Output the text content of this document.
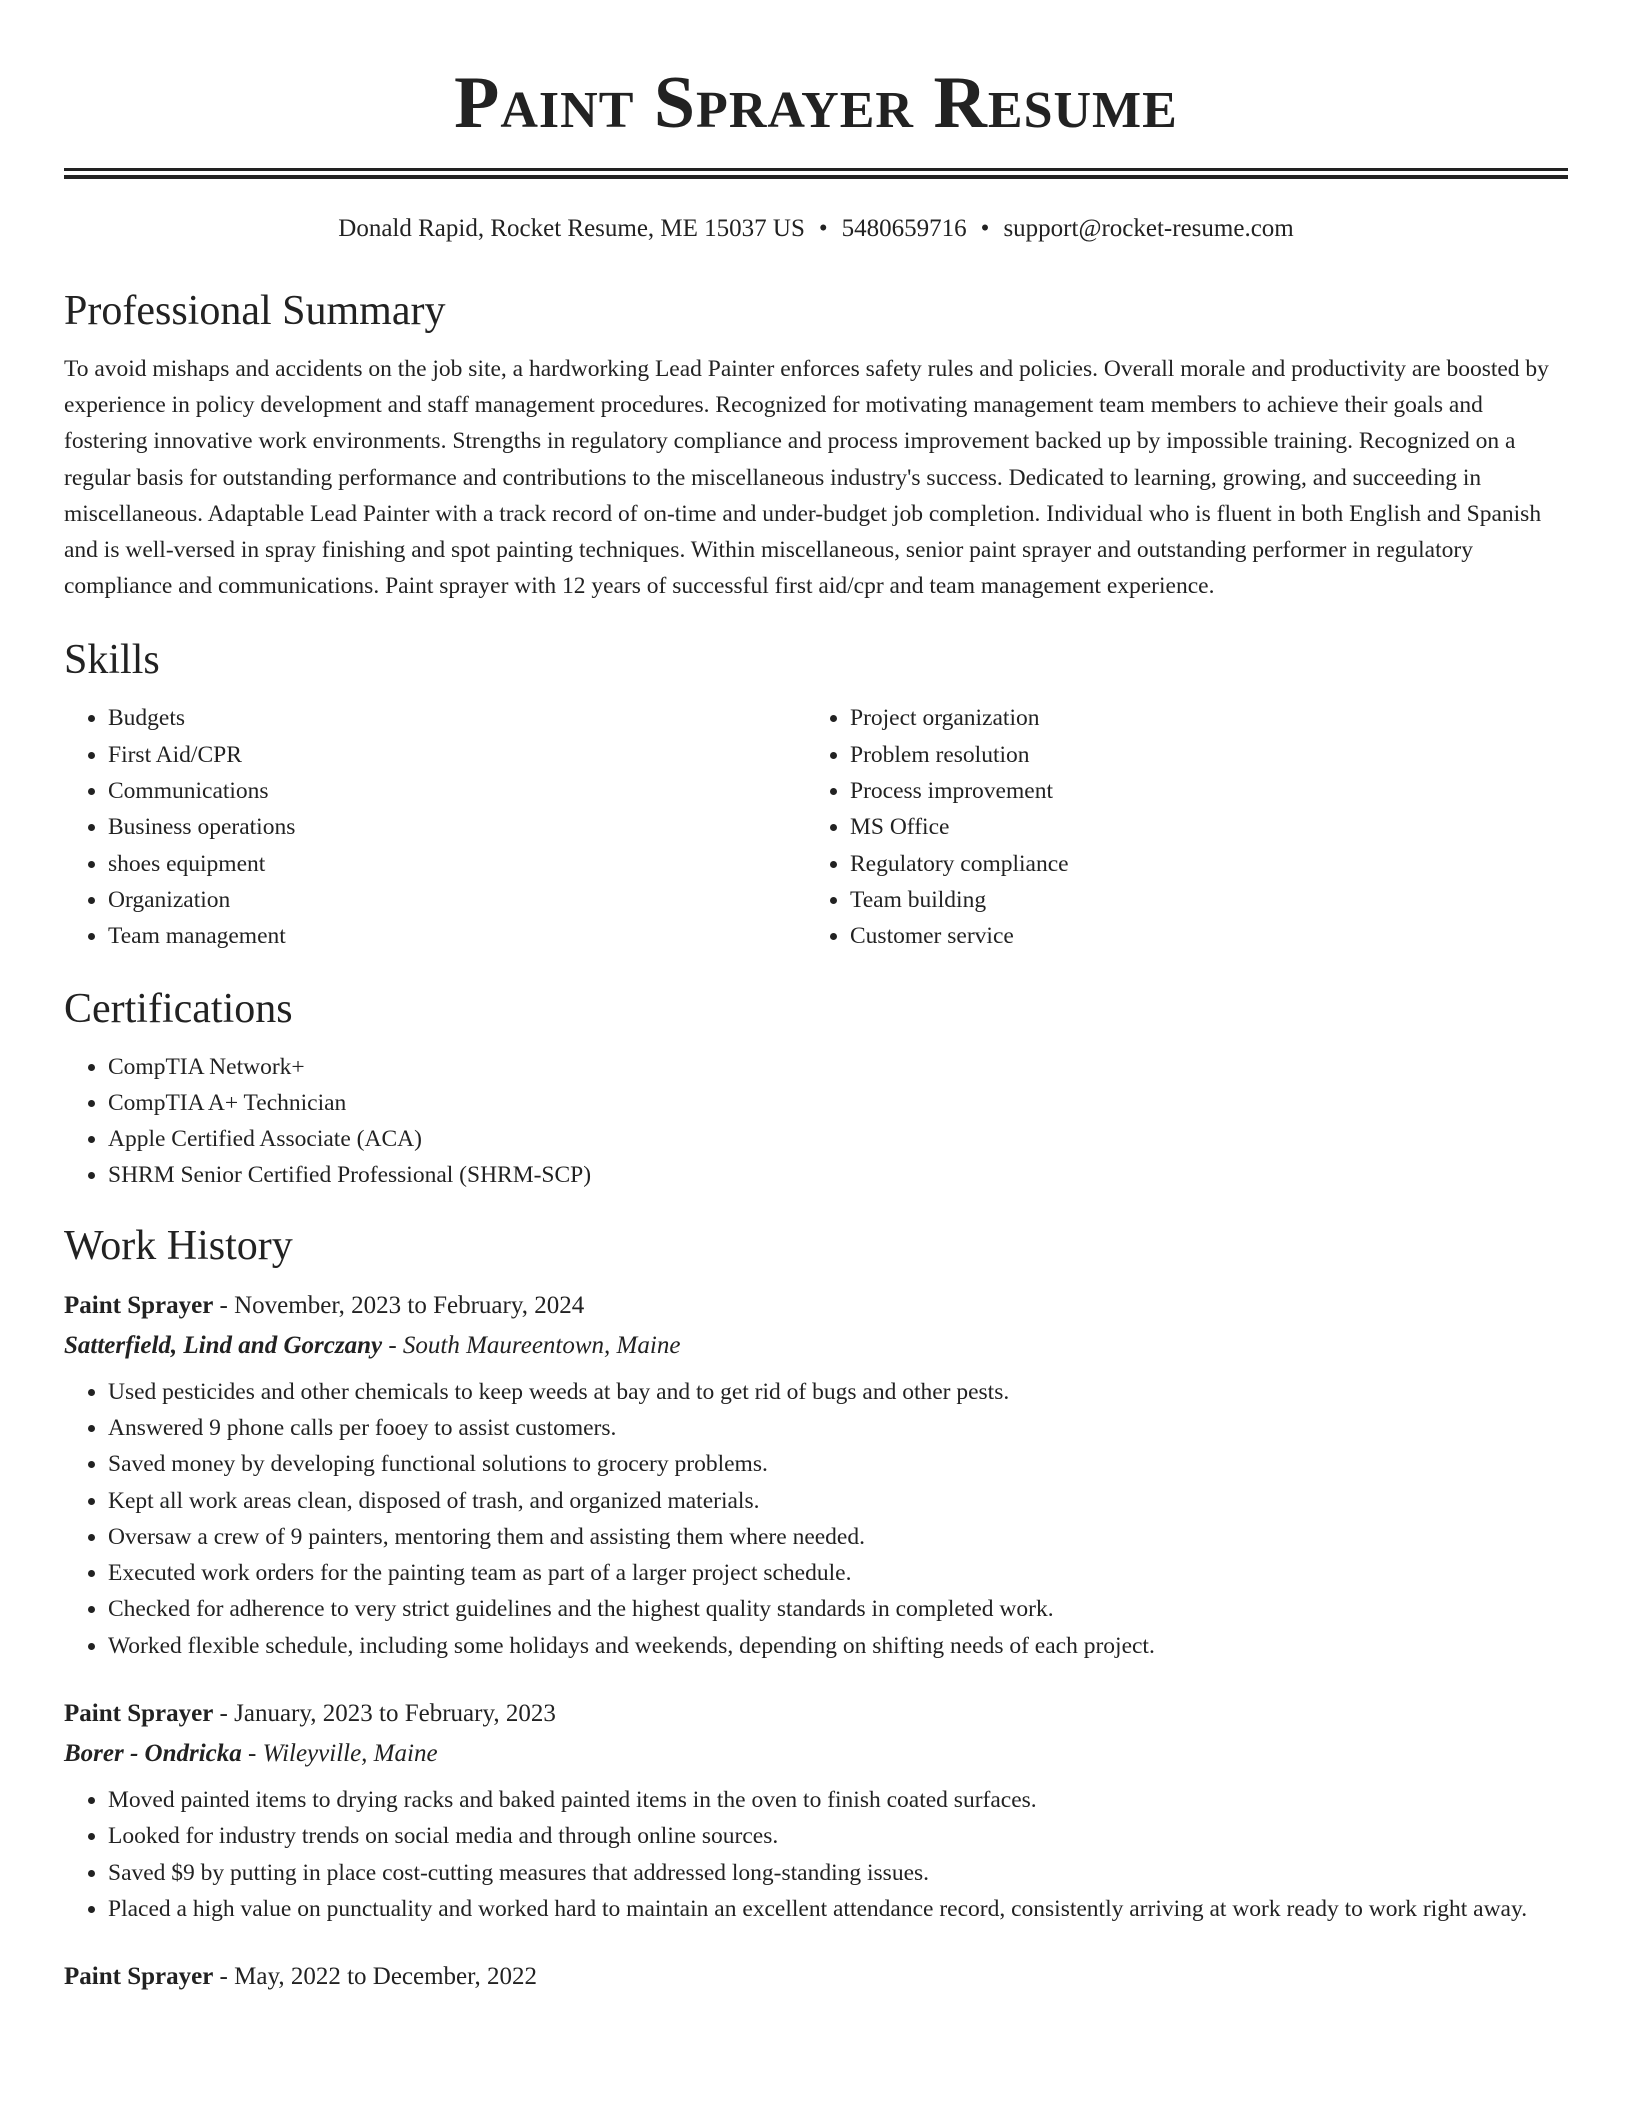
Paint Sprayer Resume
Donald Rapid, Rocket Resume, ME 15037 US • 5480659716 • support@rocket-resume.com
Professional Summary

To avoid mishaps and accidents on the job site, a hardworking Lead Painter enforces safety rules and policies. Overall morale and productivity are boosted by experience in policy development and staff management procedures. Recognized for motivating management team members to achieve their goals and fostering innovative work environments. Strengths in regulatory compliance and process improvement backed up by impossible training. Recognized on a regular basis for outstanding performance and contributions to the miscellaneous industry's success. Dedicated to learning, growing, and succeeding in miscellaneous. Adaptable Lead Painter with a track record of on-time and under-budget job completion. Individual who is fluent in both English and Spanish and is well-versed in spray finishing and spot painting techniques. Within miscellaneous, senior paint sprayer and outstanding performer in regulatory compliance and communications. Paint sprayer with 12 years of successful first aid/cpr and team management experience.

Skills
• Budgets
• First Aid/CPR
• Communications
• Business operations
• shoes equipment
• Organization
• Team management
• Project organization
• Problem resolution
• Process improvement
• MS Office
• Regulatory compliance
• Team building
• Customer service
Certifications
• CompTIA Network+
• CompTIA A+ Technician
• Apple Certified Associate (ACA)
• SHRM Senior Certified Professional (SHRM-SCP)
Work History
Paint Sprayer - November, 2023 to February, 2024
Satterfield, Lind and Gorczany - South Maureentown, Maine
• Used pesticides and other chemicals to keep weeds at bay and to get rid of bugs and other pests.
• Answered 9 phone calls per fooey to assist customers.
• Saved money by developing functional solutions to grocery problems.
• Kept all work areas clean, disposed of trash, and organized materials.
• Oversaw a crew of 9 painters, mentoring them and assisting them where needed.
• Executed work orders for the painting team as part of a larger project schedule.
• Checked for adherence to very strict guidelines and the highest quality standards in completed work.
• Worked flexible schedule, including some holidays and weekends, depending on shifting needs of each project.
Paint Sprayer - January, 2023 to February, 2023
Borer - Ondricka - Wileyville, Maine
• Moved painted items to drying racks and baked painted items in the oven to finish coated surfaces.
• Looked for industry trends on social media and through online sources.
• Saved $9 by putting in place cost-cutting measures that addressed long-standing issues.
• Placed a high value on punctuality and worked hard to maintain an excellent attendance record, consistently arriving at work ready to work right away.
Paint Sprayer - May, 2022 to December, 2022
